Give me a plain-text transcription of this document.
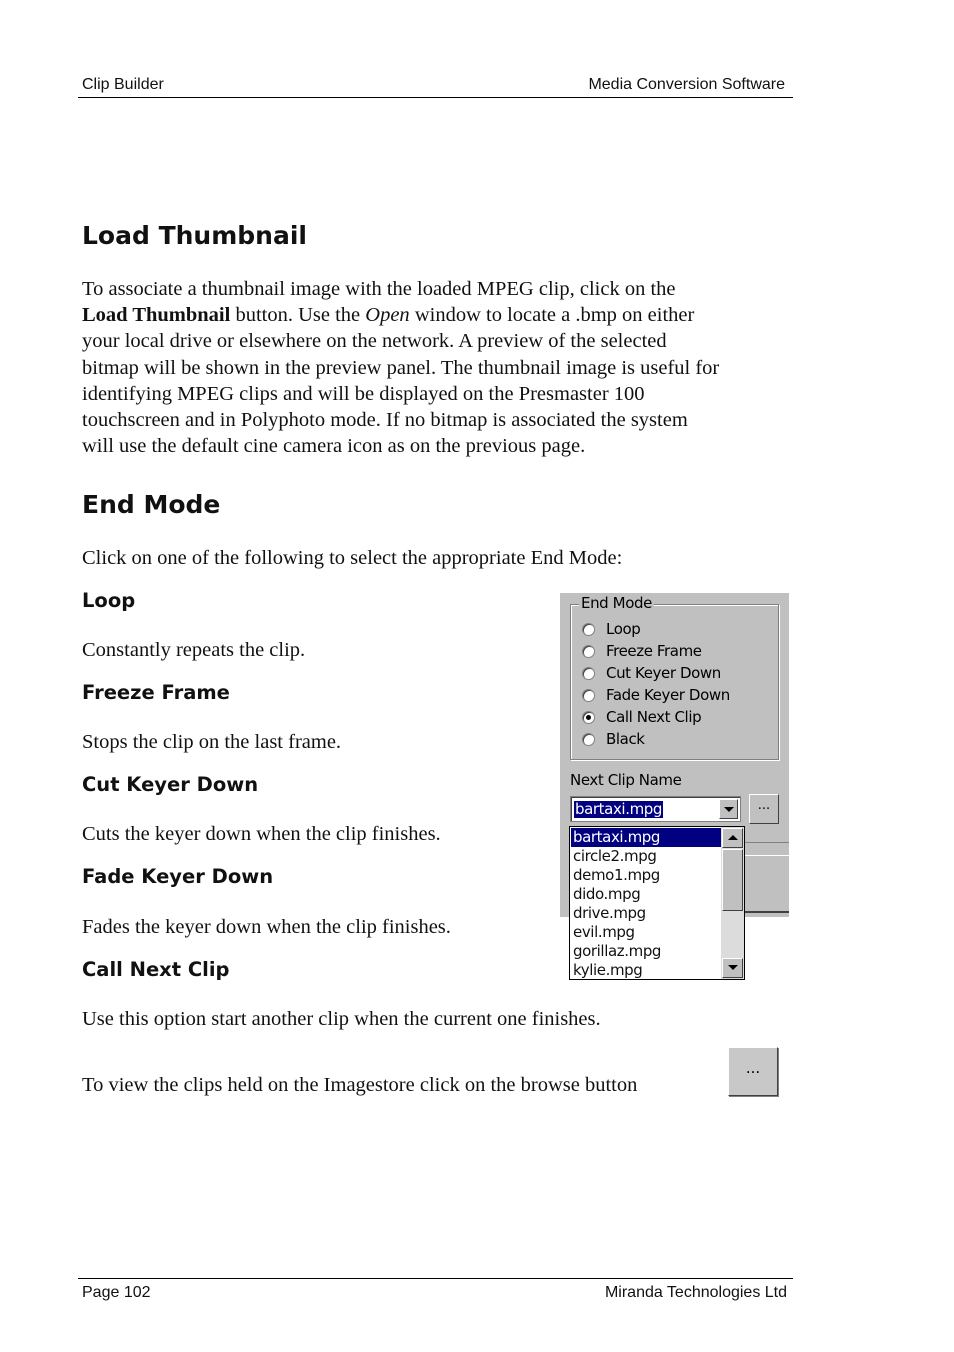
Clip Builder	Media Conversion Software
Load Thumbnail
To associate a thumbnail image with the loaded MPEG clip, click on the
Load Thumbnail button. Use the Open window to locate a .bmp on either
your local drive or elsewhere on the network. A preview of the selected
bitmap will be shown in the preview panel. The thumbnail image is useful for
identifying MPEG clips and will be displayed on the Presmaster 100
touchscreen and in Polyphoto mode. If no bitmap is associated the system
will use the default cine camera icon as on the previous page.
End Mode
Click on one of the following to select the appropriate End Mode:
Loop
Constantly repeats the clip.
Freeze Frame
Stops the clip on the last frame.
Cut Keyer Down
Cuts the keyer down when the clip finishes.
Fade Keyer Down
Fades the keyer down when the clip finishes.
Call Next Clip
Use this option start another clip when the current one finishes.
To view the clips held on the Imagestore click on the browse button
End Mode
Loop
Freeze Frame
Cut Keyer Down
Fade Keyer Down
Call Next Clip
Black
Next Clip Name
bartaxi.mpg	...
bartaxi.mpg
circle2.mpg
demo1.mpg
dido.mpg
drive.mpg
evil.mpg
gorillaz.mpg
kylie.mpg
...
Page 102	Miranda Technologies Ltd
